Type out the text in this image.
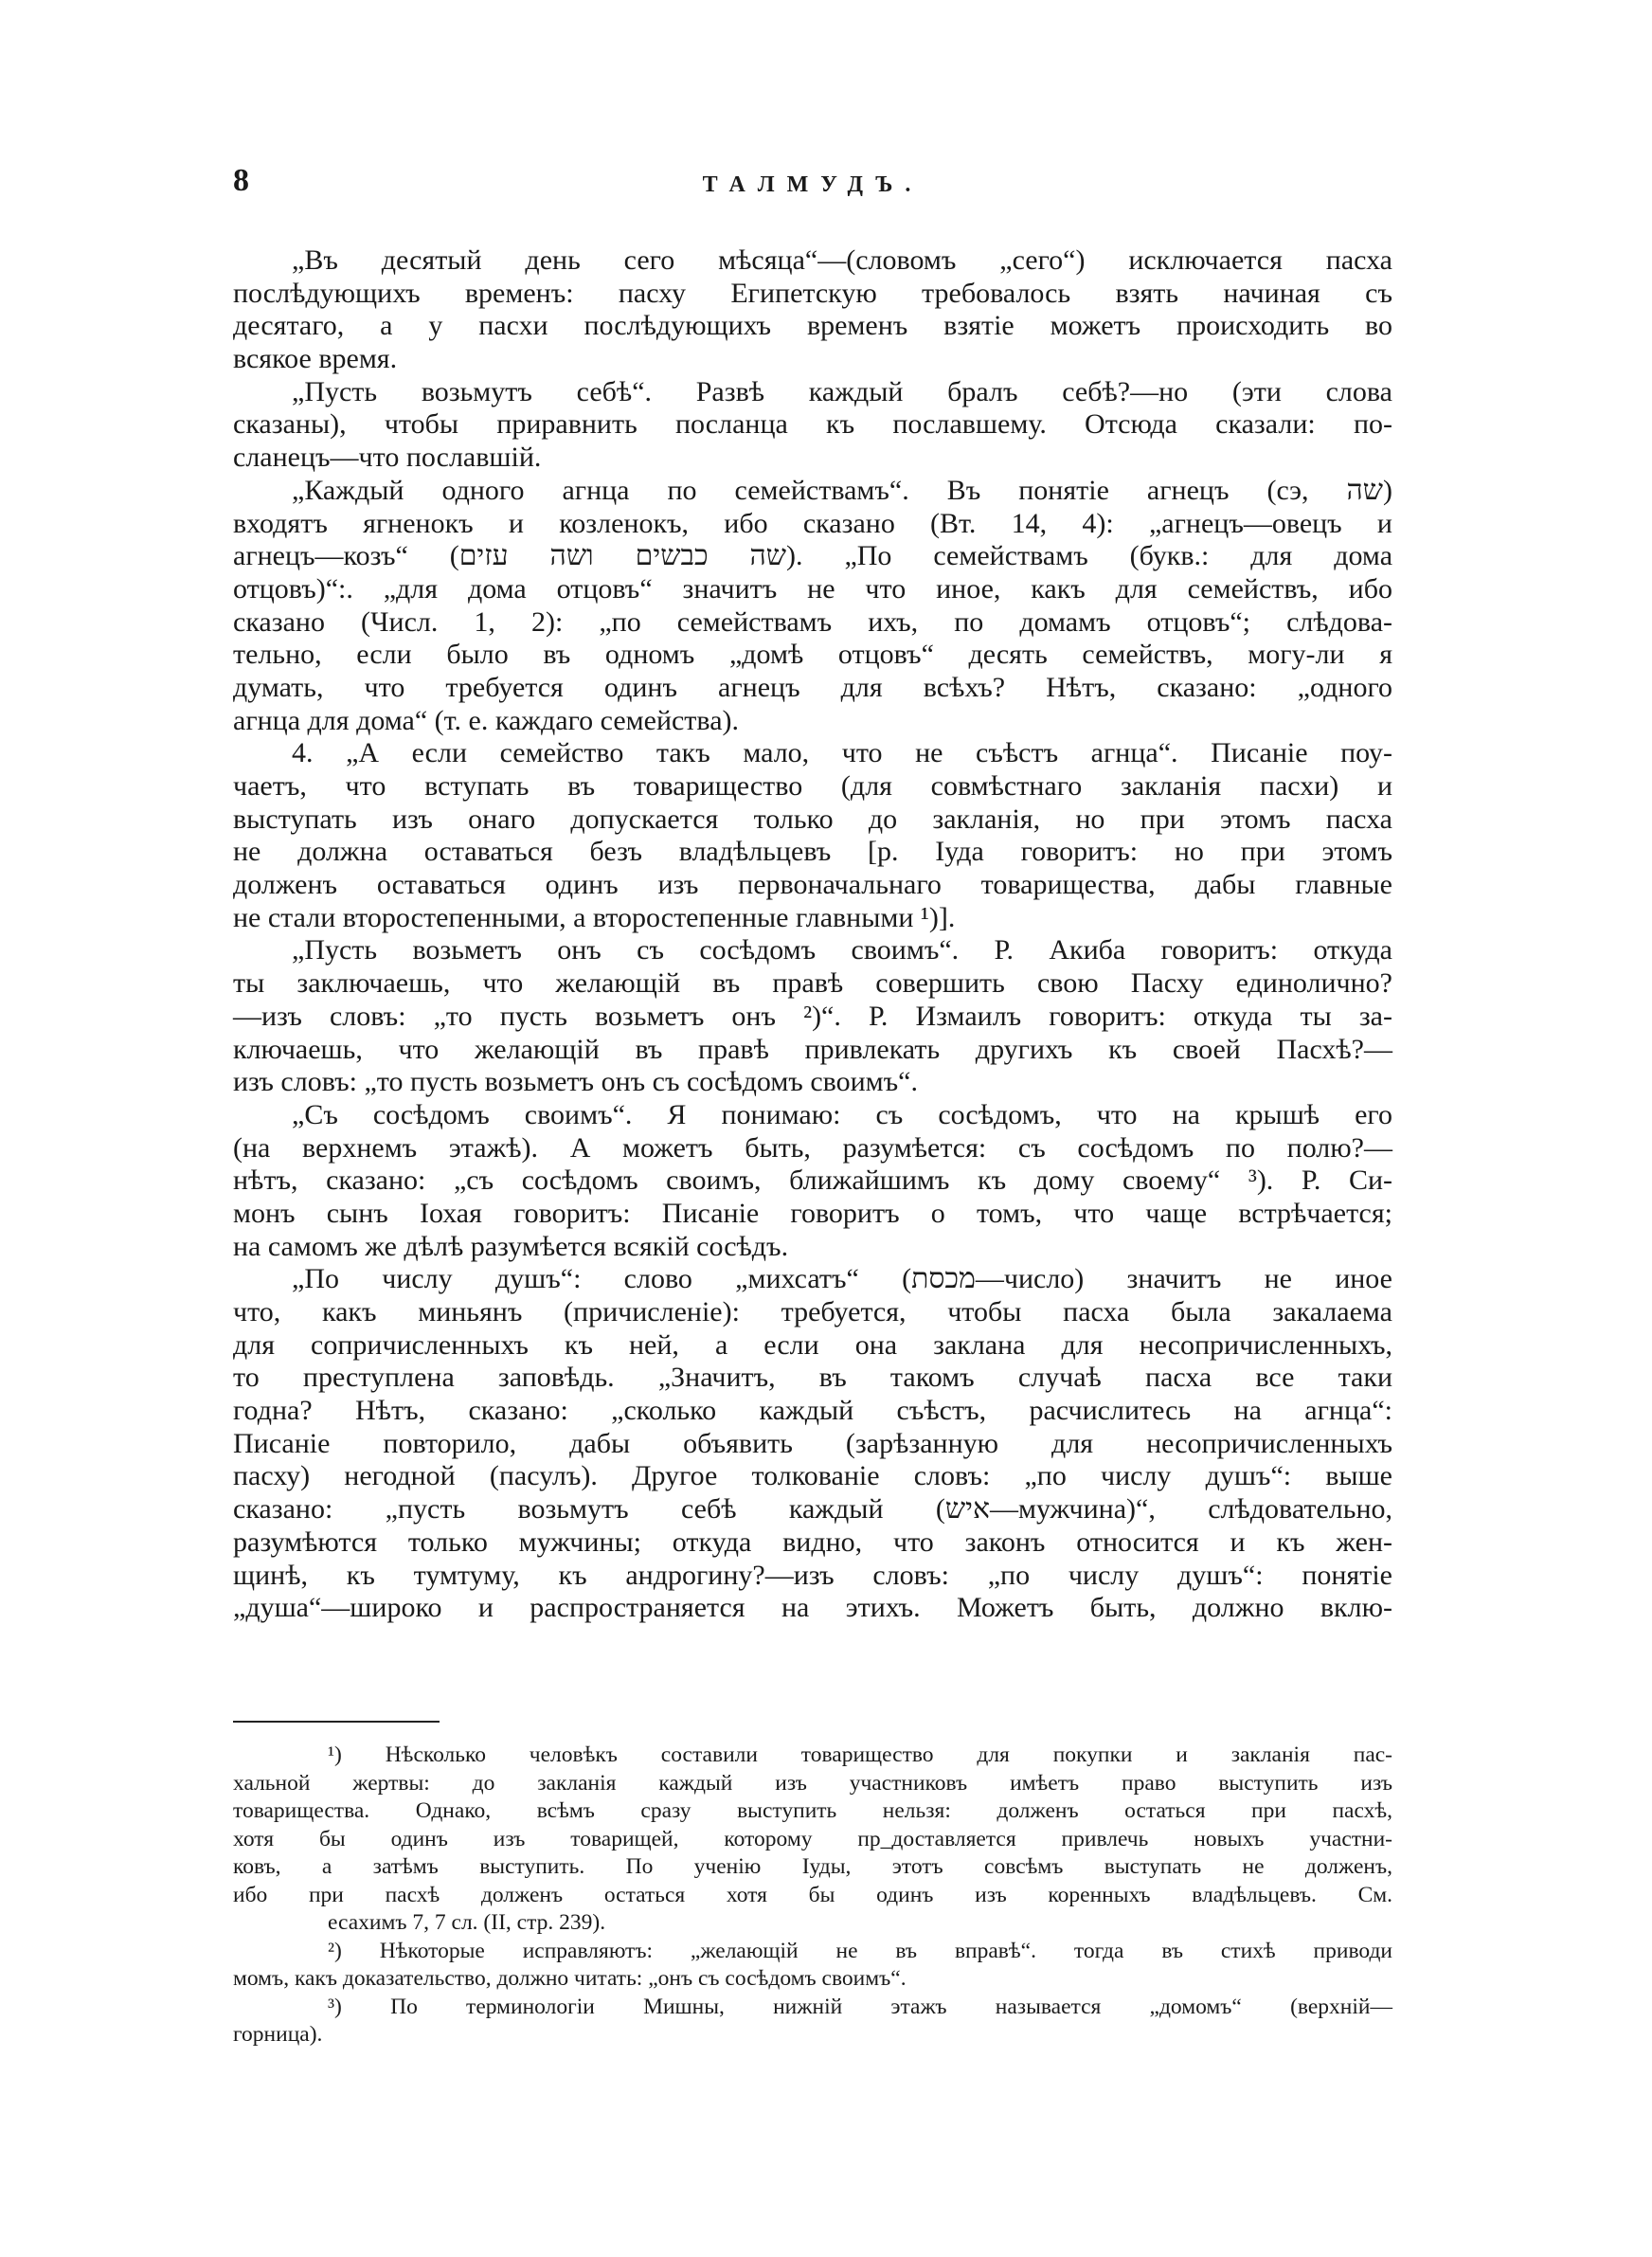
8	ТАЛМУДЪ.
„Въ десятый день сего мѣсяца“—(словомъ „сего“) исключается пасха
послѣдующихъ временъ: пасху Египетскую требовалось взять начиная съ
десятаго, а у пасхи послѣдующихъ временъ взятіе можетъ происходить во
всякое время.
„Пусть возьмутъ себѣ“. Развѣ каждый бралъ себѣ?—но (эти слова
сказаны), чтобы приравнить посланца къ пославшему. Отсюда сказали: по-
сланецъ—что пославшій.
„Каждый одного агнца по семействамъ“. Въ понятіе агнецъ (сэ, שה)
входятъ ягненокъ и козленокъ, ибо сказано (Вт. 14, 4): „агнецъ—овецъ и
агнецъ—козъ“ (שה כבשים ושה עזים). „По семействамъ (букв.: для дома
отцовъ)“:. „для дома отцовъ“ значитъ не что иное, какъ для семействъ, ибо
сказано (Числ. 1, 2): „по семействамъ ихъ, по домамъ отцовъ“; слѣдова-
тельно, если было въ одномъ „домѣ отцовъ“ десять семействъ, могу-ли я
думать, что требуется одинъ агнецъ для всѣхъ? Нѣтъ, сказано: „одного
агнца для дома“ (т. е. каждаго семейства).
4. „А если семейство такъ мало, что не съѣстъ агнца“. Писаніе поу-
чаетъ, что вступать въ товарищество (для совмѣстнаго закланія пасхи) и
выступать изъ онаго допускается только до закланія, но при этомъ пасха
не должна оставаться безъ владѣльцевъ [р. Іуда говоритъ: но при этомъ
долженъ оставаться одинъ изъ первоначальнаго товарищества, дабы главные
не стали второстепенными, а второстепенные главными ¹)].
„Пусть возьметъ онъ съ сосѣдомъ своимъ“. Р. Акиба говоритъ: откуда
ты заключаешь, что желающій въ правѣ совершить свою Пасху единолично?
—изъ словъ: „то пусть возьметъ онъ ²)“. Р. Измаилъ говоритъ: откуда ты за-
ключаешь, что желающій въ правѣ привлекать другихъ къ своей Пасхѣ?—
изъ словъ: „то пусть возьметъ онъ съ сосѣдомъ своимъ“.
„Съ сосѣдомъ своимъ“. Я понимаю: съ сосѣдомъ, что на крышѣ его
(на верхнемъ этажѣ). А можетъ быть, разумѣется: съ сосѣдомъ по полю?—
нѣтъ, сказано: „съ сосѣдомъ своимъ, ближайшимъ къ дому своему“ ³). Р. Си-
монъ сынъ Іохая говоритъ: Писаніе говоритъ о томъ, что чаще встрѣчается;
на самомъ же дѣлѣ разумѣется всякій сосѣдъ.
„По числу душъ“: слово „михсатъ“ (מכסת—число) значитъ не иное
что, какъ миньянъ (причисленіе): требуется, чтобы пасха была закалаема
для сопричисленныхъ къ ней, а если она заклана для несопричисленныхъ,
то преступлена заповѣдь. „Значитъ, въ такомъ случаѣ пасха все таки
годна? Нѣтъ, сказано: „сколько каждый съѣстъ, расчислитесь на агнца“:
Писаніе повторило, дабы объявить (зарѣзанную для несопричисленныхъ
пасху) негодной (пасулъ). Другое толкованіе словъ: „по числу душъ“: выше
сказано: „пусть возьмутъ себѣ каждый (איש—мужчина)“, слѣдовательно,
разумѣются только мужчины; откуда видно, что законъ относится и къ жен-
щинѣ, къ тумтуму, къ андрогину?—изъ словъ: „по числу душъ“: понятіе
„душа“—широко и распространяется на этихъ. Можетъ быть, должно вклю-
¹) Нѣсколько человѣкъ составили товарищество для покупки и закланія пас-
хальной жертвы: до закланія каждый изъ участниковъ имѣетъ право выступить изъ
товарищества. Однако, всѣмъ сразу выступить нельзя: долженъ остаться при пасхѣ,
хотя бы одинъ изъ товарищей, которому пр_доставляется привлечь новыхъ участни-
ковъ, а затѣмъ выступить. По ученію Іуды, этотъ совсѣмъ выступать не долженъ,
ибо при пасхѣ долженъ остаться хотя бы одинъ изъ коренныхъ владѣльцевъ. См.
есахимъ 7, 7 сл. (II, стр. 239).
²) Нѣкоторые исправляютъ: „желающій не въ вправѣ“. тогда въ стихѣ приводи
момъ, какъ доказательство, должно читать: „онъ съ сосѣдомъ своимъ“.
³) По терминологіи Мишны, нижній этажъ называется „домомъ“ (верхній—
горница).
